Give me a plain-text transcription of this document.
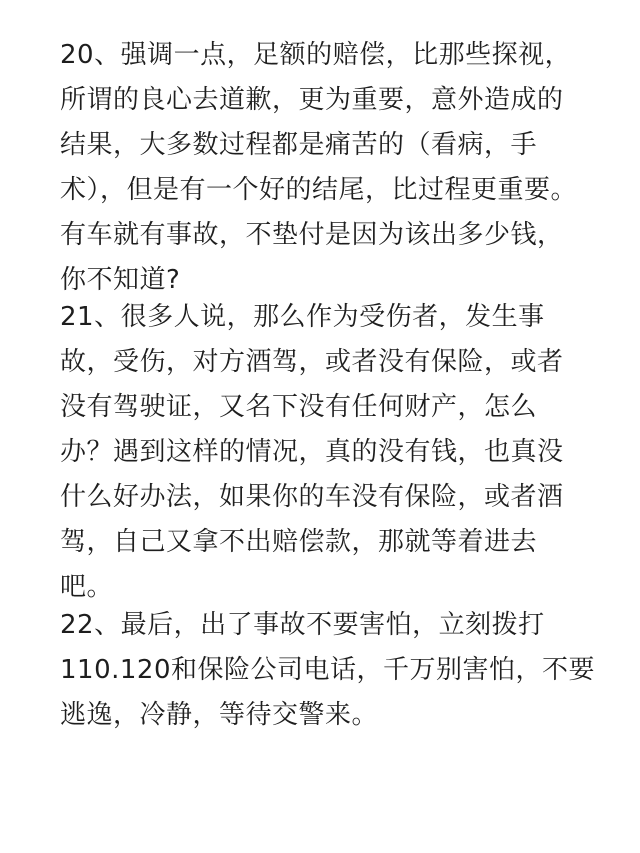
20、强调一点，足额的赔偿，比那些探视，
所谓的良心去道歉，更为重要，意外造成的
结果，大多数过程都是痛苦的（看病，手
术），但是有一个好的结尾，比过程更重要。
有车就有事故，不垫付是因为该出多少钱，
你不知道?
21、很多人说，那么作为受伤者，发生事
故，受伤，对方酒驾，或者没有保险，或者
没有驾驶证，又名下没有任何财产，怎么
办？遇到这样的情况，真的没有钱，也真没
什么好办法，如果你的车没有保险，或者酒
驾，自己又拿不出赔偿款，那就等着进去
吧。
22、最后，出了事故不要害怕，立刻拨打
110.120和保险公司电话，千万别害怕，不要
逃逸，冷静，等待交警来。
